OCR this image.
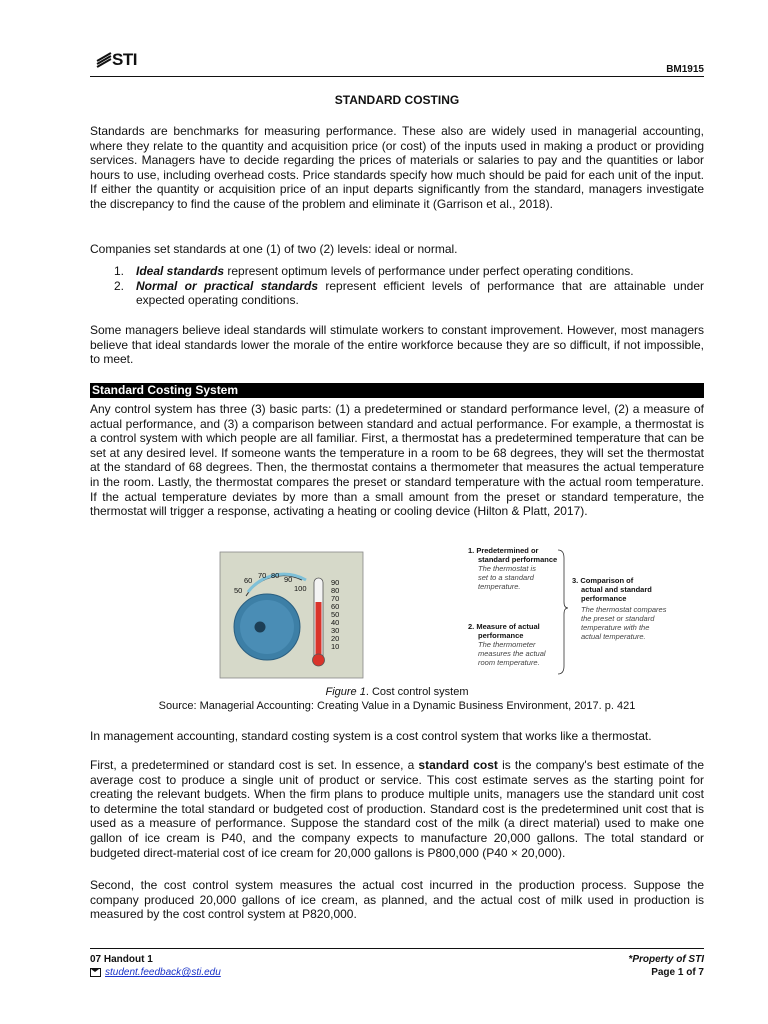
STI
BM1915
STANDARD COSTING

Standards are benchmarks for measuring performance. These also are widely used in managerial accounting, where they relate to the quantity and acquisition price (or cost) of the inputs used in making a product or providing services. Managers have to decide regarding the prices of materials or salaries to pay and the quantities or labor hours to use, including overhead costs. Price standards specify how much should be paid for each unit of the input. If either the quantity or acquisition price of an input departs significantly from the standard, managers investigate the discrepancy to find the cause of the problem and eliminate it (Garrison et al., 2018).

Companies set standards at one (1) of two (2) levels: ideal or normal.

1. Ideal standards represent optimum levels of performance under perfect operating conditions.
2. Normal or practical standards represent efficient levels of performance that are attainable under expected operating conditions.

Some managers believe ideal standards will stimulate workers to constant improvement. However, most managers believe that ideal standards lower the morale of the entire workforce because they are so difficult, if not impossible, to meet.

Standard Costing System

Any control system has three (3) basic parts: (1) a predetermined or standard performance level, (2) a measure of actual performance, and (3) a comparison between standard and actual performance. For example, a thermostat is a control system with which people are all familiar. First, a thermostat has a predetermined temperature that can be set at any desired level. If someone wants the temperature in a room to be 68 degrees, they will set the thermostat at the standard of 68 degrees. Then, the thermostat contains a thermometer that measures the actual temperature in the room. Lastly, the thermostat compares the preset or standard temperature with the actual room temperature. If the actual temperature deviates by more than a small amount from the preset or standard temperature, the thermostat will trigger a response, activating a heating or cooling device (Hilton & Platt, 2017).

50
60
70 80 90
100
90
80
70
60
50
40
30
20
10
1. Predetermined or
standard performance
The thermostat is
set to a standard
temperature.
2. Measure of actual
performance
The thermometer
measures the actual
room temperature.
3. Comparison of
actual and standard
performance
The thermostat compares
the preset or standard
temperature with the
actual temperature.
Figure 1. Cost control system
Source: Managerial Accounting: Creating Value in a Dynamic Business Environment, 2017. p. 421

In management accounting, standard costing system is a cost control system that works like a thermostat.

First, a predetermined or standard cost is set. In essence, a standard cost is the company's best estimate of the average cost to produce a single unit of product or service. This cost estimate serves as the starting point for creating the relevant budgets. When the firm plans to produce multiple units, managers use the standard unit cost to determine the total standard or budgeted cost of production. Standard cost is the predetermined unit cost that is used as a measure of performance. Suppose the standard cost of the milk (a direct material) used to make one gallon of ice cream is P40, and the company expects to manufacture 20,000 gallons. The total standard or budgeted direct-material cost of ice cream for 20,000 gallons is P800,000 (P40 × 20,000).

Second, the cost control system measures the actual cost incurred in the production process. Suppose the company produced 20,000 gallons of ice cream, as planned, and the actual cost of milk used in production is measured by the cost control system at P820,000.

07 Handout 1
student.feedback@sti.edu
*Property of STI
Page 1 of 7
